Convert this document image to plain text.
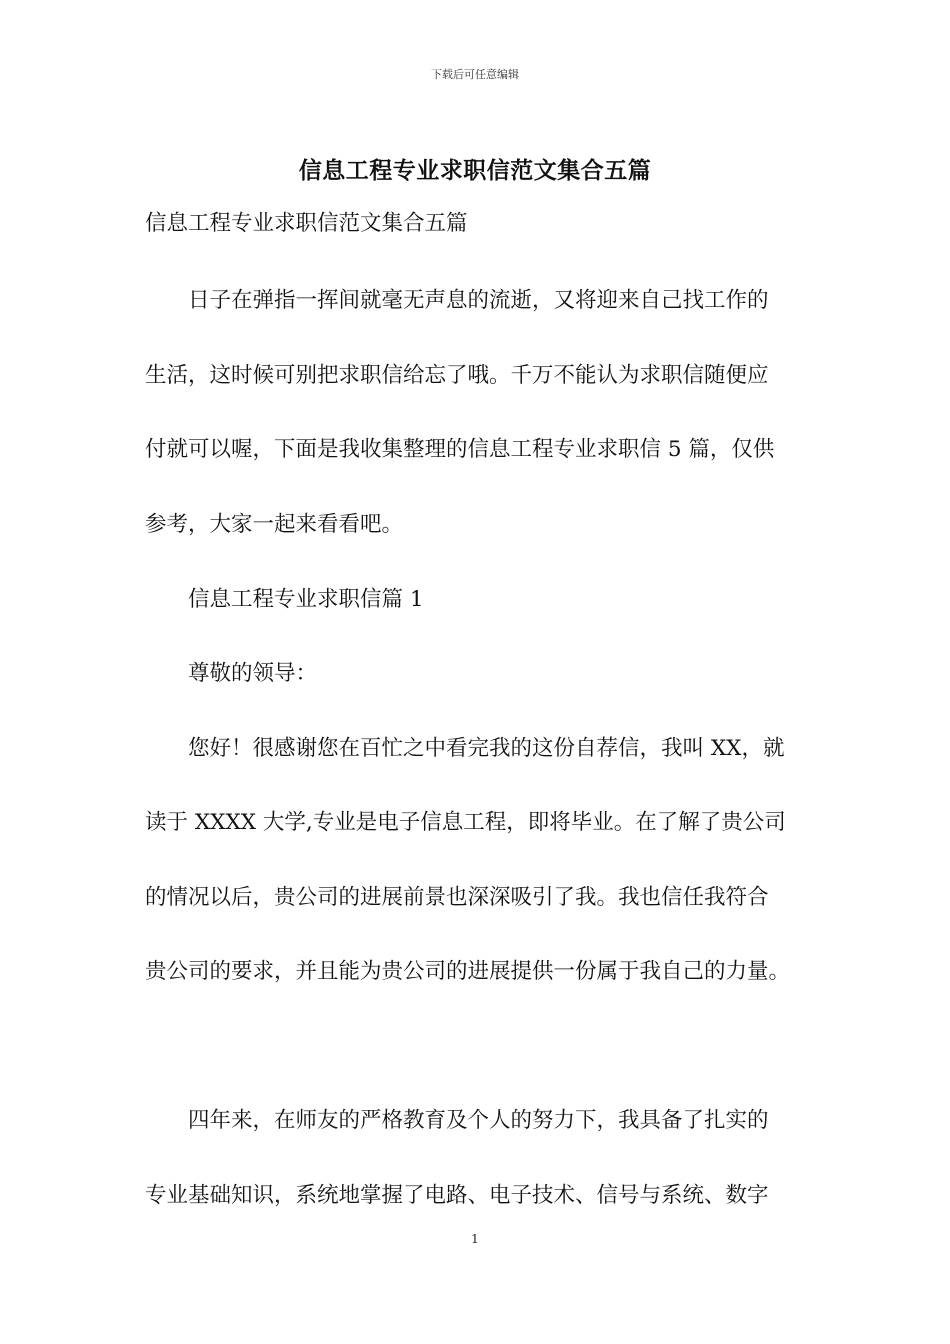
下载后可任意编辑
信息工程专业求职信范文集合五篇
信息工程专业求职信范文集合五篇
日子在弹指一挥间就毫无声息的流逝，又将迎来自己找工作的
生活，这时候可别把求职信给忘了哦。千万不能认为求职信随便应
付就可以喔，下面是我收集整理的信息工程专业求职信 5 篇，仅供
参考，大家一起来看看吧。
信息工程专业求职信篇 1
尊敬的领导：
您好！很感谢您在百忙之中看完我的这份自荐信，我叫 XX，就
读于 XXXX 大学,专业是电子信息工程，即将毕业。在了解了贵公司
的情况以后，贵公司的进展前景也深深吸引了我。我也信任我符合
贵公司的要求，并且能为贵公司的进展提供一份属于我自己的力量。
四年来，在师友的严格教育及个人的努力下，我具备了扎实的
专业基础知识，系统地掌握了电路、电子技术、信号与系统、数字
1
